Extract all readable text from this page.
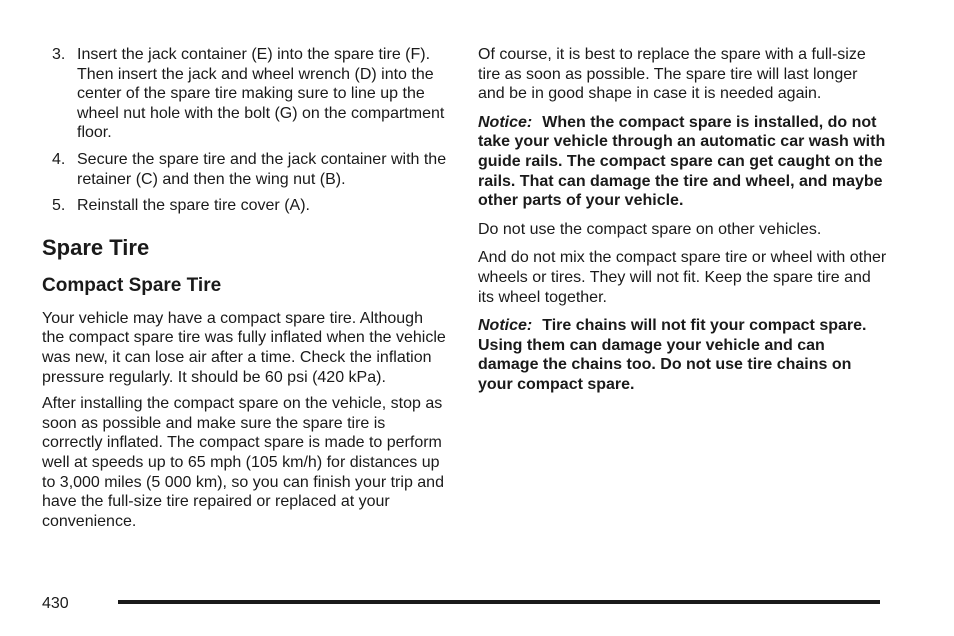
3. Insert the jack container (E) into the spare tire (F). Then insert the jack and wheel wrench (D) into the center of the spare tire making sure to line up the wheel nut hole with the bolt (G) on the compartment floor.
4. Secure the spare tire and the jack container with the retainer (C) and then the wing nut (B).
5. Reinstall the spare tire cover (A).
Spare Tire
Compact Spare Tire

Your vehicle may have a compact spare tire. Although the compact spare tire was fully inflated when the vehicle was new, it can lose air after a time. Check the inflation pressure regularly. It should be 60 psi (420 kPa).

After installing the compact spare on the vehicle, stop as soon as possible and make sure the spare tire is correctly inflated. The compact spare is made to perform well at speeds up to 65 mph (105 km/h) for distances up to 3,000 miles (5 000 km), so you can finish your trip and have the full-size tire repaired or replaced at your convenience.

Of course, it is best to replace the spare with a full-size tire as soon as possible. The spare tire will last longer and be in good shape in case it is needed again.

Notice: When the compact spare is installed, do not take your vehicle through an automatic car wash with guide rails. The compact spare can get caught on the rails. That can damage the tire and wheel, and maybe other parts of your vehicle.

Do not use the compact spare on other vehicles.

And do not mix the compact spare tire or wheel with other wheels or tires. They will not fit. Keep the spare tire and its wheel together.

Notice: Tire chains will not fit your compact spare. Using them can damage your vehicle and can damage the chains too. Do not use tire chains on your compact spare.

430
